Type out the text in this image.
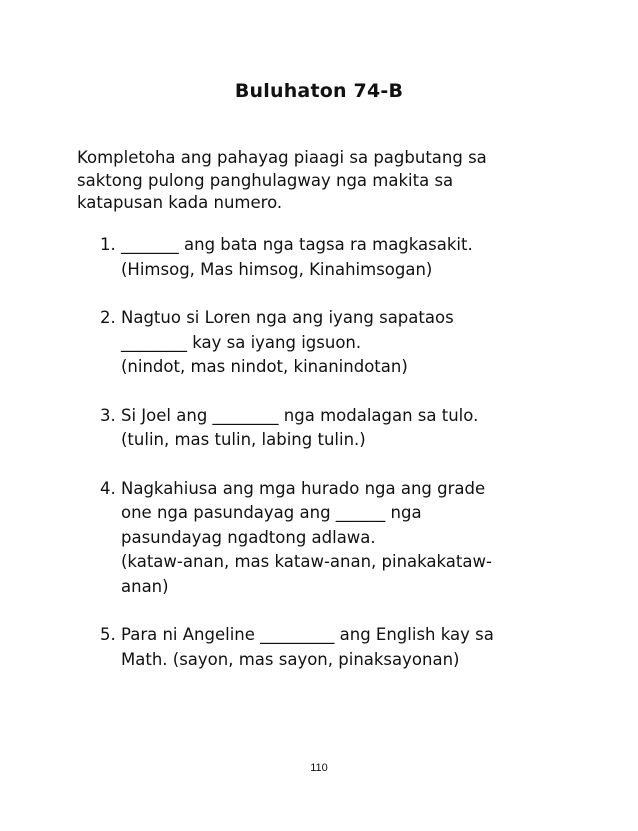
Buluhaton 74-B
Kompletoha ang pahayag piaagi sa pagbutang sa
saktong pulong panghulagway nga makita sa
katapusan kada numero.
1. _______ ang bata nga tagsa ra magkasakit.
(Himsog, Mas himsog, Kinahimsogan)
2. Nagtuo si Loren nga ang iyang sapataos
________ kay sa iyang igsuon.
(nindot, mas nindot, kinanindotan)
3. Si Joel ang ________ nga modalagan sa tulo.
(tulin, mas tulin, labing tulin.)
4. Nagkahiusa ang mga hurado nga ang grade
one nga pasundayag ang ______ nga
pasundayag ngadtong adlawa.
(kataw-anan, mas kataw-anan, pinakakataw-
anan)
5. Para ni Angeline _________ ang English kay sa
Math. (sayon, mas sayon, pinaksayonan)
110
